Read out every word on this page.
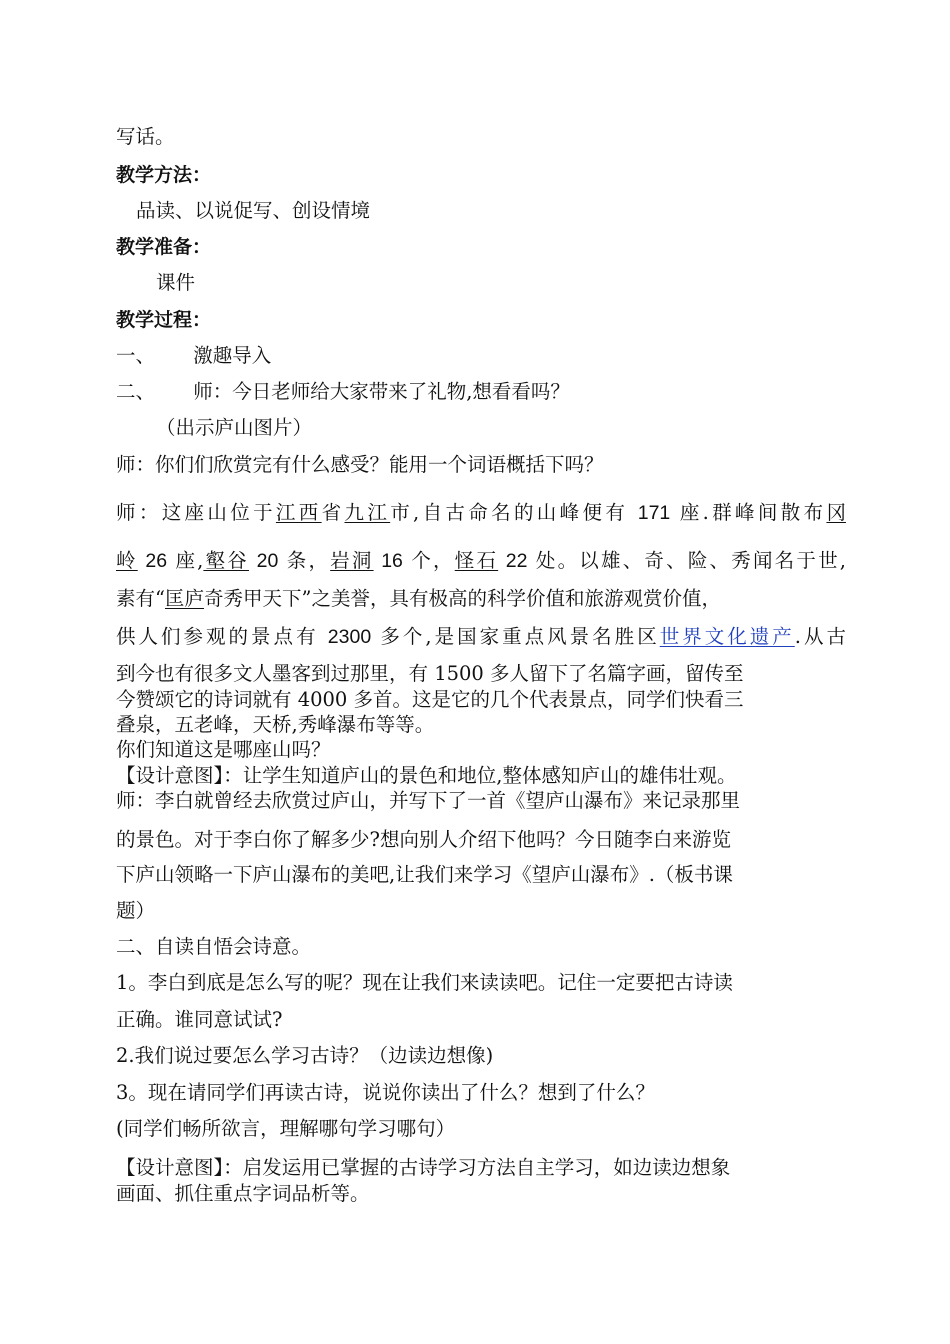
写话。
教学方法：
品读、以说促写、创设情境
教学准备：
课件
教学过程：
一、 激趣导入
二、 师：今日老师给大家带来了礼物,想看看吗？
（出示庐山图片）
师：你们们欣赏完有什么感受？能用一个词语概括下吗？
师：这座山位于江西省九江市,自古命名的山峰便有 171 座.群峰间散布冈
岭 26 座,壑谷 20 条，岩洞 16 个，怪石 22 处。以雄、奇、险、秀闻名于世,
素有“匡庐奇秀甲天下”之美誉，具有极高的科学价值和旅游观赏价值，
供人们参观的景点有 2300 多个,是国家重点风景名胜区世界文化遗产.从古
到今也有很多文人墨客到过那里，有 1500 多人留下了名篇字画，留传至
今赞颂它的诗词就有 4000 多首。这是它的几个代表景点，同学们快看三
叠泉，五老峰，天桥,秀峰瀑布等等。
你们知道这是哪座山吗？
【设计意图】：让学生知道庐山的景色和地位,整体感知庐山的雄伟壮观。
师：李白就曾经去欣赏过庐山，并写下了一首《望庐山瀑布》来记录那里
的景色。对于李白你了解多少?想向别人介绍下他吗？今日随李白来游览
下庐山领略一下庐山瀑布的美吧,让我们来学习《望庐山瀑布》.（板书课
题）
二、自读自悟会诗意。
1。李白到底是怎么写的呢？现在让我们来读读吧。记住一定要把古诗读
正确。谁同意试试?
2.我们说过要怎么学习古诗？（边读边想像)
3。现在请同学们再读古诗，说说你读出了什么？想到了什么？
(同学们畅所欲言，理解哪句学习哪句）
【设计意图】：启发运用已掌握的古诗学习方法自主学习，如边读边想象
画面、抓住重点字词品析等。
